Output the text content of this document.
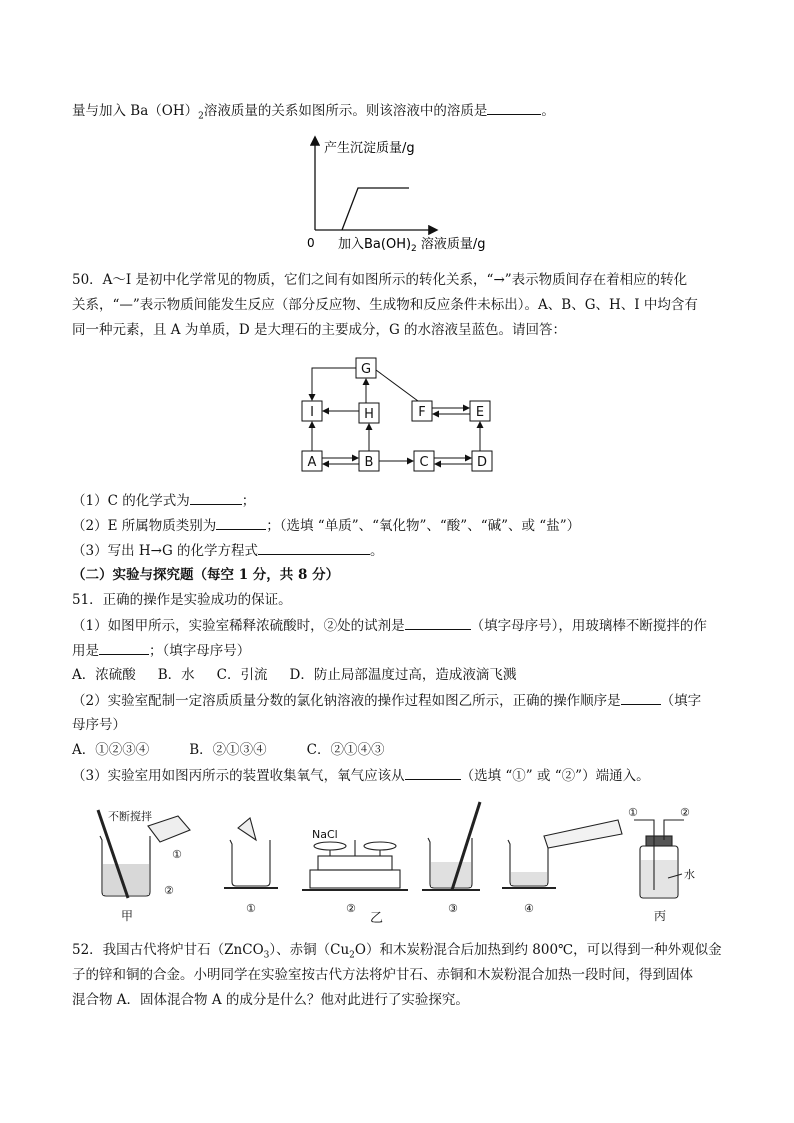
量与加入 $Ba(OH)_2$溶液质量的关系如图所示。则该溶液中的溶质是	。
产生沉淀质量/g
0 加入$Ba(OH)_2$ 溶液质量/g
50．A～I 是初中化学常见的物质，它们之间有如图所示的转化关系，“→”表示物质间存在着相应的转化
关系，“—”表示物质间能发生反应（部分反应物、生成物和反应条件未标出）。A、B、G、H、I 中均含有
同一种元素，且 A 为单质，D 是大理石的主要成分，G 的水溶液呈蓝色。请回答：
G
I	H	F	E
A	B	C	D
（1）C 的化学式为	；
（2）E 所属物质类别为	；（选填 “单质”、“氧化物”、“酸”、“碱”、或 “盐”）
（3）写出 H→G 的化学方程式	。
（二）实验与探究题（每空 1 分，共 8 分）
51．正确的操作是实验成功的保证。
（1）如图甲所示，实验室稀释浓硫酸时，②处的试剂是	（填字母序号），用玻璃棒不断搅拌的作
用是	；（填字母序号）
A．浓硫酸 B．水 C．引流 D．防止局部温度过高，造成液滴飞溅
（2）实验室配制一定溶质质量分数的氯化钠溶液的操作过程如图乙所示，正确的操作顺序是	（填字
母序号）
A．①②③④	B．②①③④	C．②①④③
（3）实验室用如图丙所示的装置收集氧气，氧气应该从	（选填 “①” 或 “②”）端通入。
不断搅拌
①
②
甲
①
NaCl
②
乙
③	④
①	②
水
丙
52．我国古代将炉甘石（ZnCO$_3$）、赤铜$(Cu_2O)$和木炭粉混合后加热到约 800℃，可以得到一种外观似金
子的锌和铜的合金。小明同学在实验室按古代方法将炉甘石、赤铜和木炭粉混合加热一段时间，得到固体
混合物 A．固体混合物 A 的成分是什么？他对此进行了实验探究。
